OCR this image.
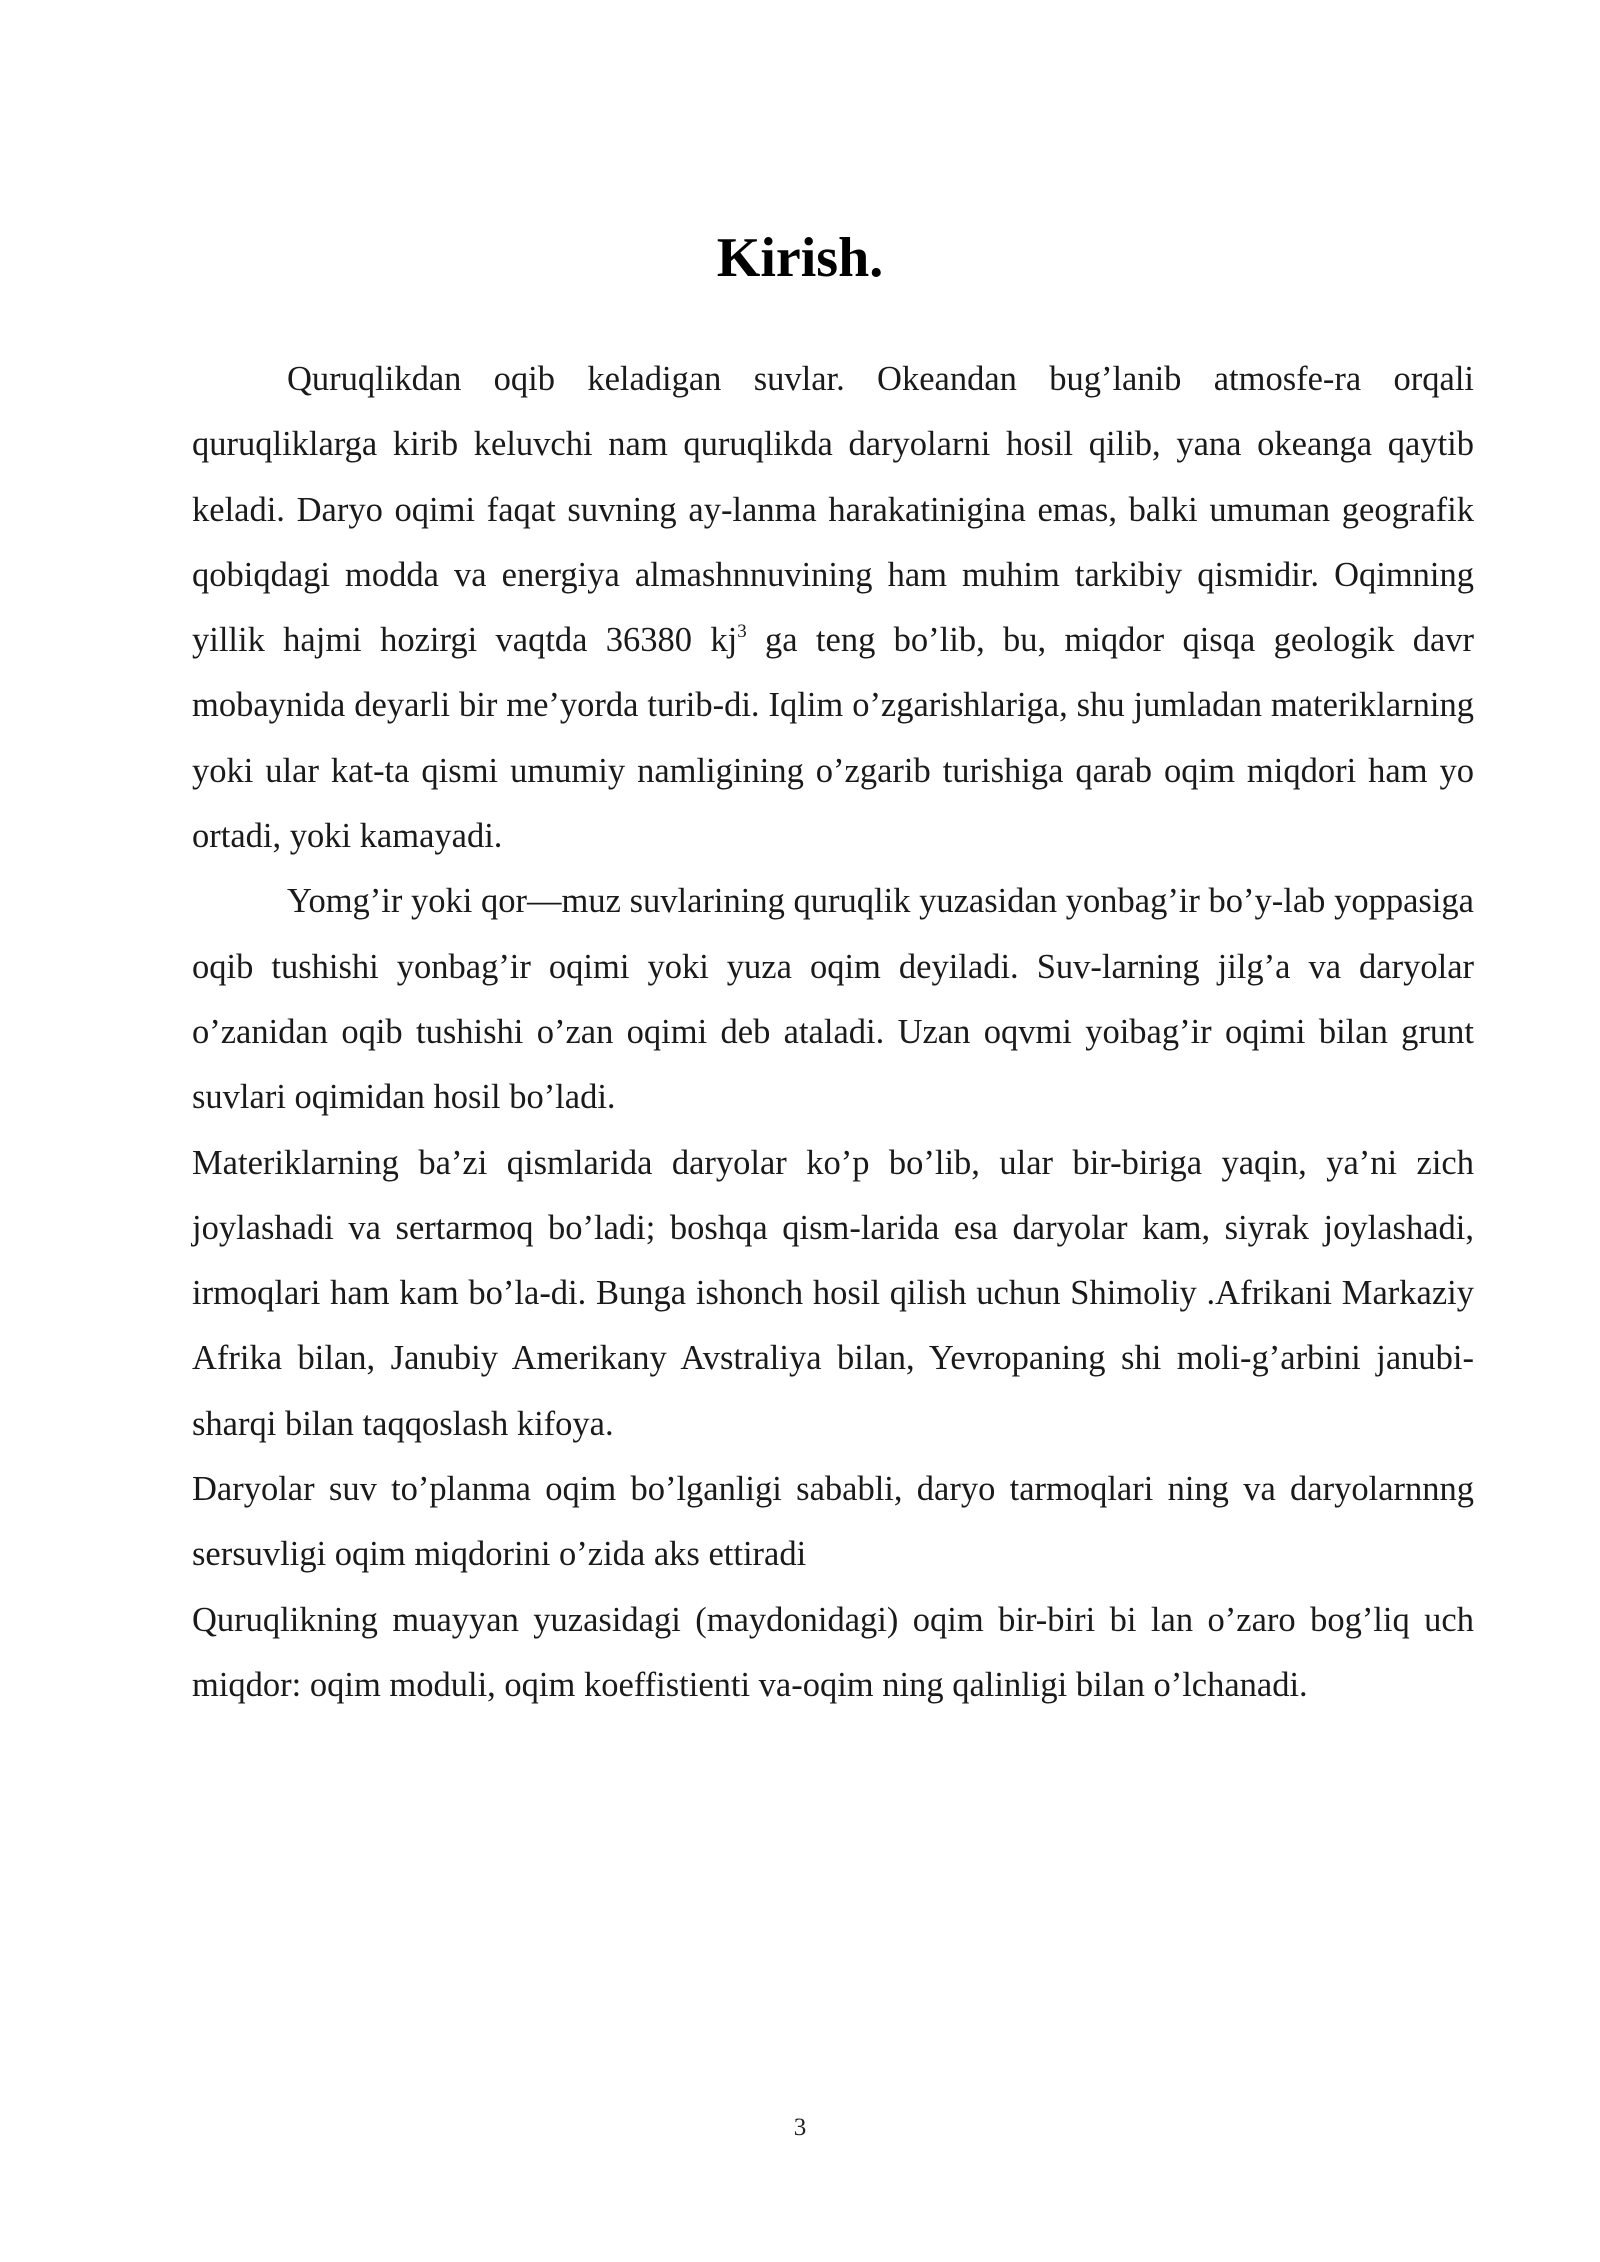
Kirish.

Quruqlikdan oqib keladigan suvlar. Okeandan bug’lanib atmosfe-ra orqali quruqliklarga kirib keluvchi nam quruqlikda daryolarni hosil qilib, yana okeanga qaytib keladi. Daryo oqimi faqat suvning ay-lanma harakatinigina emas, balki umuman geografik qobiqdagi modda va energiya almashnnuvining ham muhim tarkibiy qismidir. Oqimning yillik hajmi hozirgi vaqtda 36380 $kj^3$ ga teng bo’lib, bu, miqdor qisqa geologik davr mobaynida deyarli bir me’yorda turib-di. Iqlim o’zgarishlariga, shu jumladan materiklarning yoki ular kat-ta qismi umumiy namligining o’zgarib turishiga qarab oqim miqdori ham yo ortadi, yoki kamayadi.

Yomg’ir yoki qor—muz suvlarining quruqlik yuzasidan yonbag’ir bo’y-lab yoppasiga oqib tushishi yonbag’ir oqimi yoki yuza oqim deyiladi. Suv-larning jilg’a va daryolar o’zanidan oqib tushishi o’zan oqimi deb ataladi. Uzan oqvmi yoibag’ir oqimi bilan grunt suvlari oqimidan hosil bo’ladi.

Materiklarning ba’zi qismlarida daryolar ko’p bo’lib, ular bir-biriga yaqin, ya’ni zich joylashadi va sertarmoq bo’ladi; boshqa qism-larida esa daryolar kam, siyrak joylashadi, irmoqlari ham kam bo’la-di. Bunga ishonch hosil qilish uchun Shimoliy .Afrikani Markaziy Afrika bilan, Janubiy Amerikany Avstraliya bilan, Yevropaning shi moli-g’arbini janubi-sharqi bilan taqqoslash kifoya.

Daryolar suv to’planma oqim bo’lganligi sababli, daryo tarmoqlari ning va daryolarnnng sersuvligi oqim miqdorini o’zida aks ettiradi

Quruqlikning muayyan yuzasidagi (maydonidagi) oqim bir-biri bi lan o’zaro bog’liq uch miqdor: oqim moduli, oqim koeffistienti va-oqim ning qalinligi bilan o’lchanadi.

3
